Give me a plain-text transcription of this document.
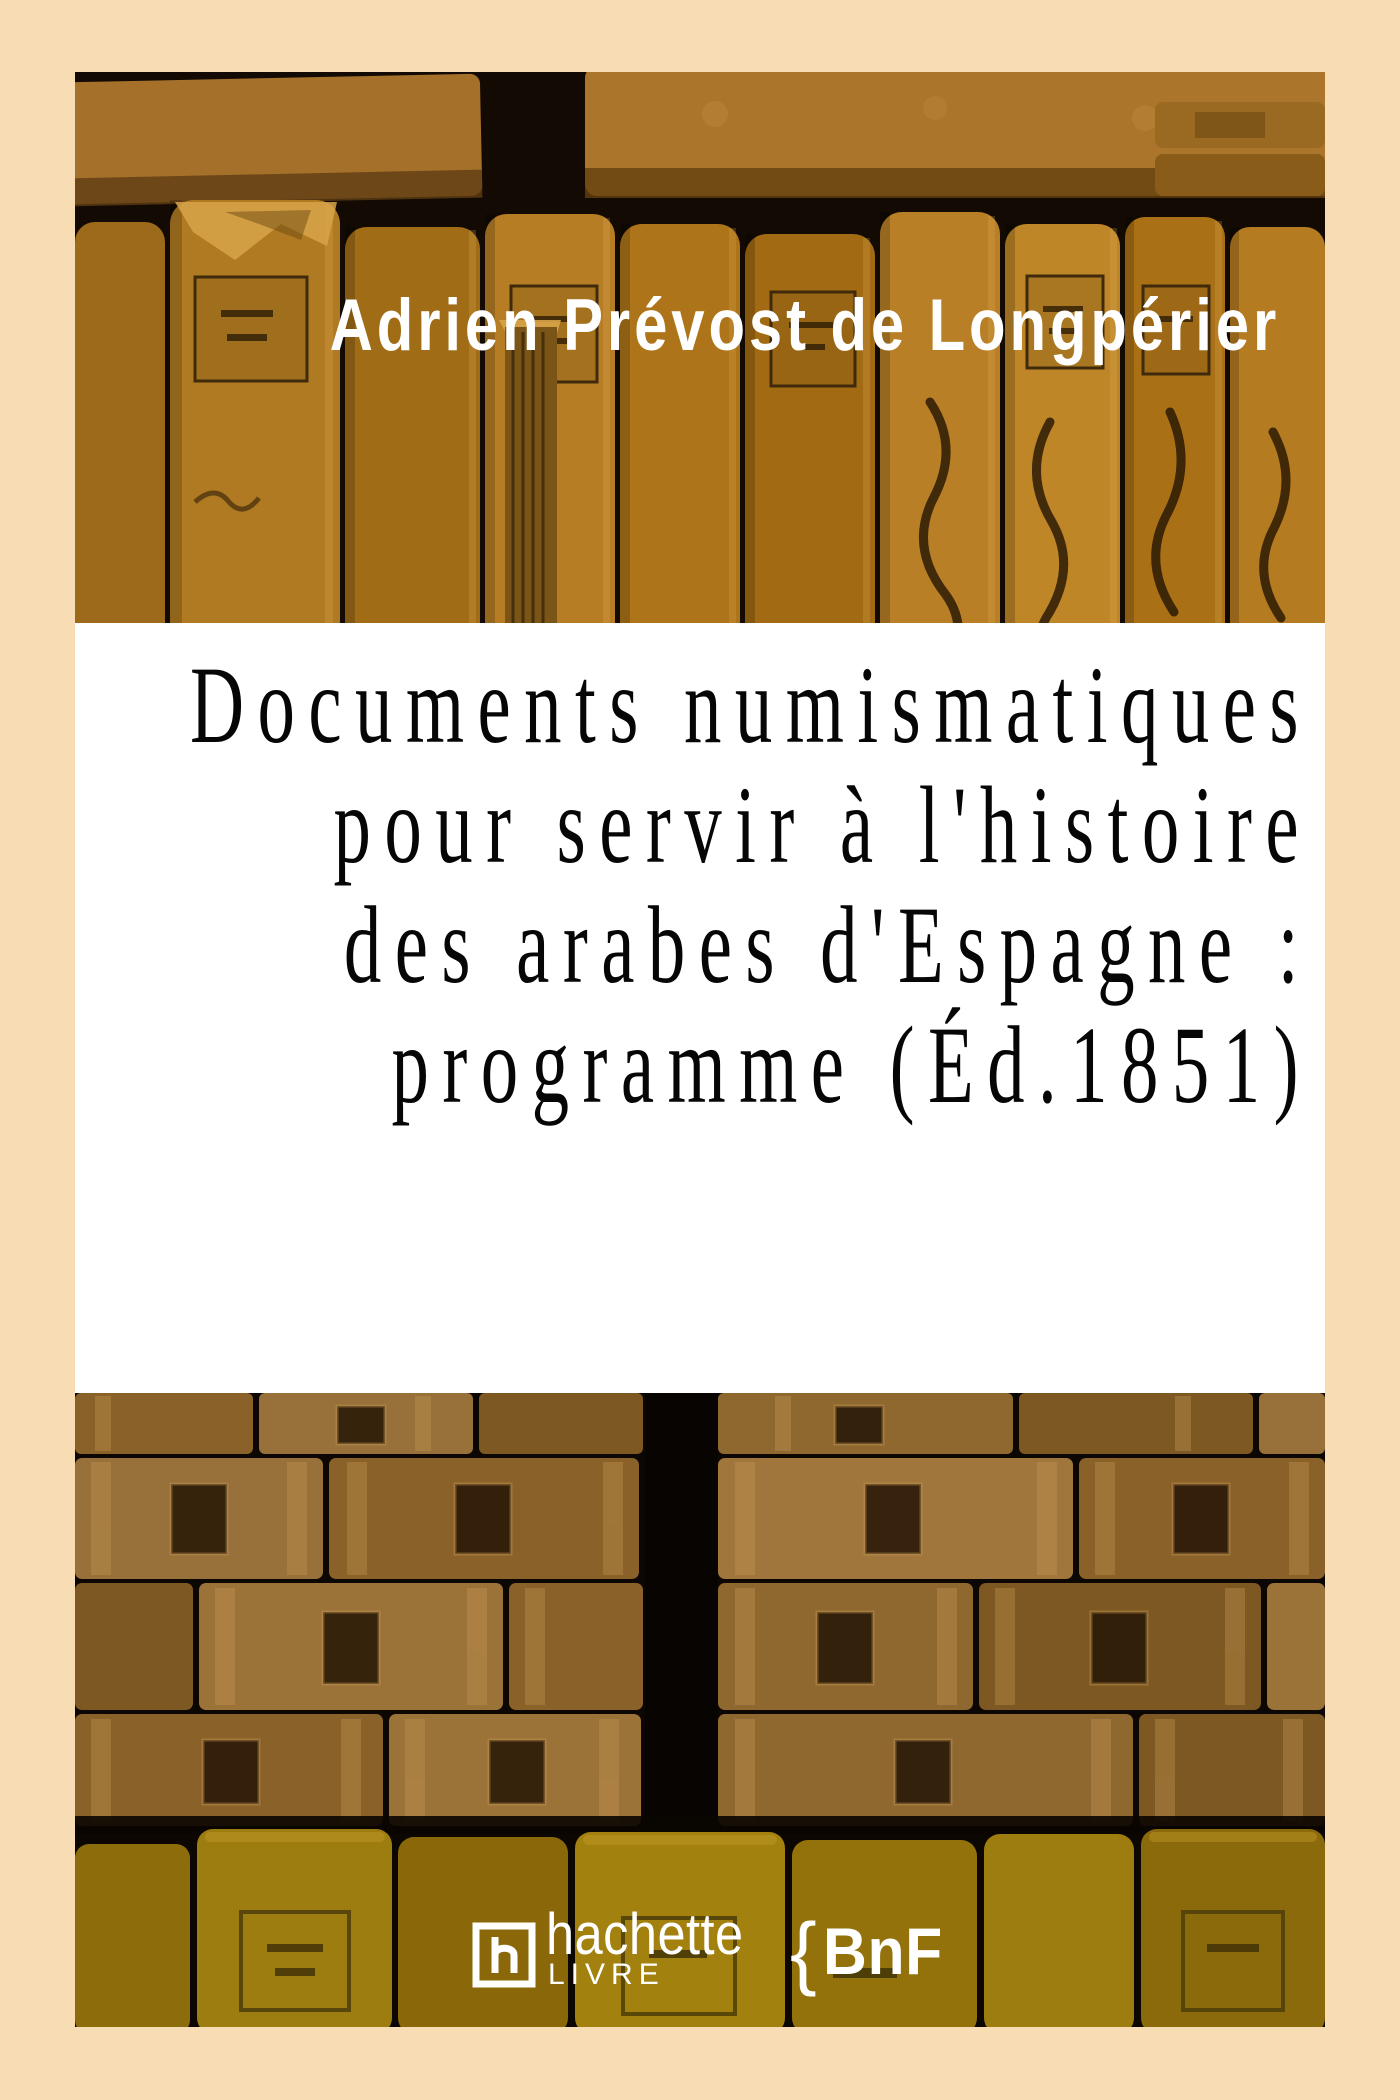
Adrien Prévost de Longpérier
Documents numismatiques
pour servir à l'histoire
des arabes d'Espagne :
programme (Éd.1851)
hachette
LIVRE { BnF
